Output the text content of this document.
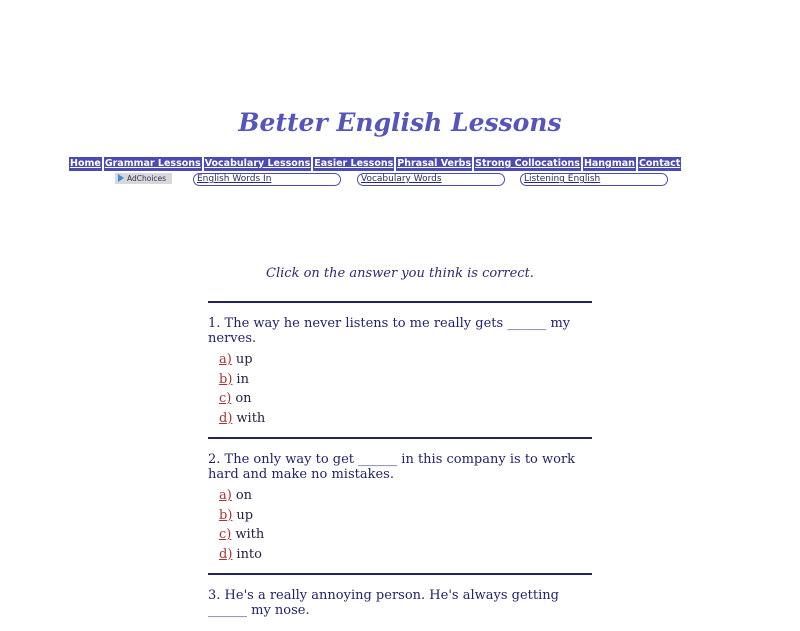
Better English Lessons
Home Grammar Lessons Vocabulary Lessons Easier Lessons Phrasal Verbs Strong Collocations Hangman Contact
AdChoices	English Words In	Vocabulary Words	Listening English
Click on the answer you think is correct.

1. The way he never listens to me really gets ______ my nerves.

a) up
b) in
c) on
d) with

2. The only way to get ______ in this company is to work hard and make no mistakes.

a) on
b) up
c) with
d) into

3. He's a really annoying person. He's always getting ______ my nose.
